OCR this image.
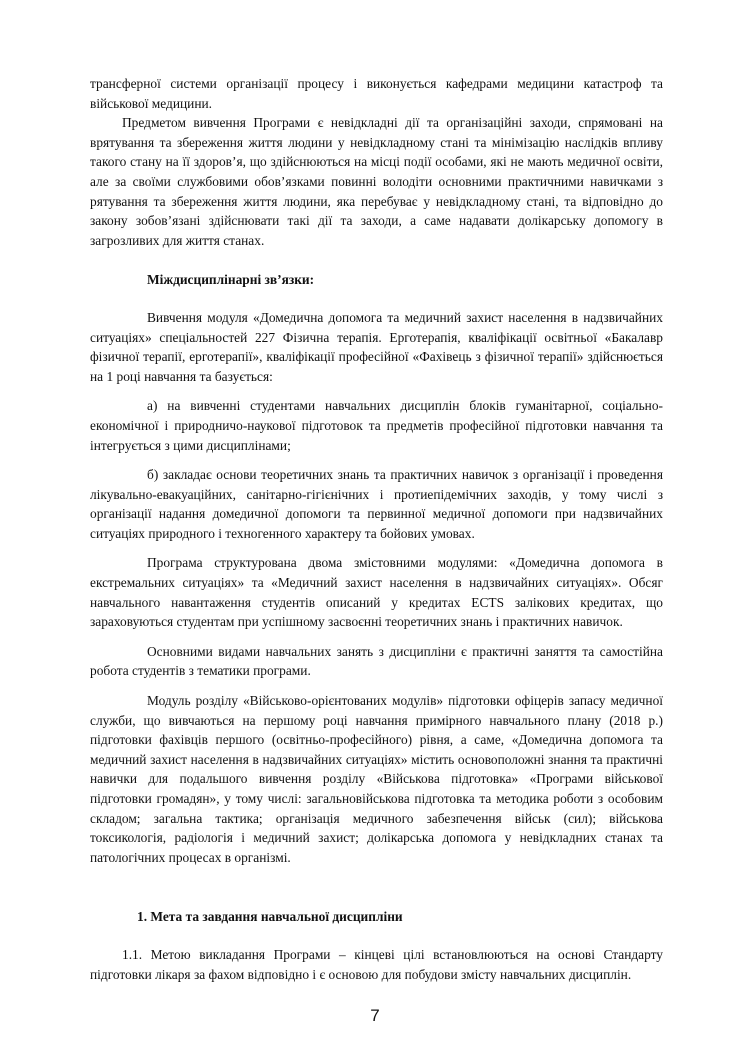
трансферної системи організації процесу і виконується кафедрами медицини катастроф та військової медицини.

Предметом вивчення Програми є невідкладні дії та організаційні заходи, спрямовані на врятування та збереження життя людини у невідкладному стані та мінімізацію наслідків впливу такого стану на її здоров’я, що здійснюються на місці події особами, які не мають медичної освіти, але за своїми службовими обов’язками повинні володіти основними практичними навичками з рятування та збереження життя людини, яка перебуває у невідкладному стані, та відповідно до закону зобов’язані здійснювати такі дії та заходи, а саме надавати долікарську допомогу в загрозливих для життя станах.

Міждисциплінарні зв’язки:

Вивчення модуля «Домедична допомога та медичний захист населення в надзвичайних ситуаціях» спеціальностей 227 Фізична терапія. Ерготерапія, кваліфікації освітньої «Бакалавр фізичної терапії, ерготерапії», кваліфікації професійної «Фахівець з фізичної терапії» здійснюється на 1 році навчання та базується:

а) на вивченні студентами навчальних дисциплін блоків гуманітарної, соціально-економічної і природничо-наукової підготовок та предметів професійної підготовки навчання та інтегрується з цими дисциплінами;

б) закладає основи теоретичних знань та практичних навичок з організації і проведення лікувально-евакуаційних, санітарно-гігієнічних і протиепідемічних заходів, у тому числі з організації надання домедичної допомоги та первинної медичної допомоги при надзвичайних ситуаціях природного і техногенного характеру та бойових умовах.

Програма структурована двома змістовними модулями: «Домедична допомога в екстремальних ситуаціях» та «Медичний захист населення в надзвичайних ситуаціях». Обсяг навчального навантаження студентів описаний у кредитах ECTS залікових кредитах, що зараховуються студентам при успішному засвоєнні теоретичних знань і практичних навичок.

Основними видами навчальних занять з дисципліни є практичні заняття та самостійна робота студентів з тематики програми.

Модуль розділу «Військово-орієнтованих модулів» підготовки офіцерів запасу медичної служби, що вивчаються на першому році навчання примірного навчального плану (2018 р.) підготовки фахівців першого (освітньо-професійного) рівня, а саме, «Домедична допомога та медичний захист населення в надзвичайних ситуаціях» містить основоположні знання та практичні навички для подальшого вивчення розділу «Військова підготовка» «Програми військової підготовки громадян», у тому числі: загальновійськова підготовка та методика роботи з особовим складом; загальна тактика; організація медичного забезпечення військ (сил); військова токсикологія, радіологія і медичний захист; долікарська допомога у невідкладних станах та патологічних процесах в організмі.

1. Мета та завдання навчальної дисципліни

1.1. Метою викладання Програми – кінцеві цілі встановлюються на основі Стандарту підготовки лікаря за фахом відповідно і є основою для побудови змісту навчальних дисциплін.

7
